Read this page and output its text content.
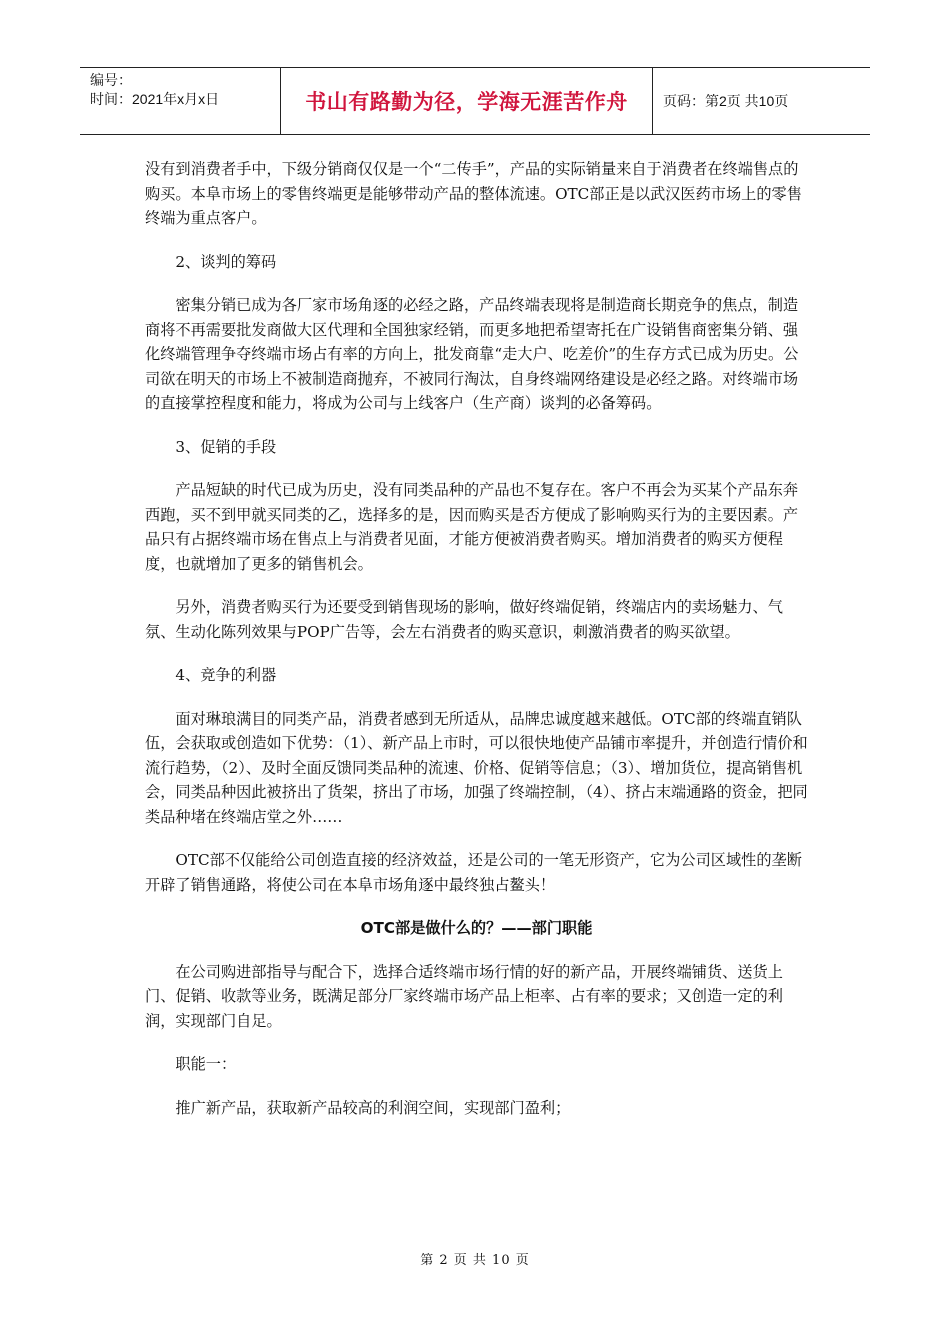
编号：
时间：2021年x月x日	书山有路勤为径，学海无涯苦作舟	页码：第2页 共10页

没有到消费者手中，下级分销商仅仅是一个“二传手”，产品的实际销量来自于消费者在终端售点的购买。本阜市场上的零售终端更是能够带动产品的整体流速。OTC部正是以武汉医药市场上的零售终端为重点客户。

2、谈判的筹码

密集分销已成为各厂家市场角逐的必经之路，产品终端表现将是制造商长期竞争的焦点，制造商将不再需要批发商做大区代理和全国独家经销，而更多地把希望寄托在广设销售商密集分销、强化终端管理争夺终端市场占有率的方向上，批发商靠“走大户、吃差价”的生存方式已成为历史。公司欲在明天的市场上不被制造商抛弃，不被同行淘汰，自身终端网络建设是必经之路。对终端市场的直接掌控程度和能力，将成为公司与上线客户（生产商）谈判的必备筹码。

3、促销的手段

产品短缺的时代已成为历史，没有同类品种的产品也不复存在。客户不再会为买某个产品东奔西跑，买不到甲就买同类的乙，选择多的是，因而购买是否方便成了影响购买行为的主要因素。产品只有占据终端市场在售点上与消费者见面，才能方便被消费者购买。增加消费者的购买方便程度，也就增加了更多的销售机会。

另外，消费者购买行为还要受到销售现场的影响，做好终端促销，终端店内的卖场魅力、气氛、生动化陈列效果与POP广告等，会左右消费者的购买意识，刺激消费者的购买欲望。

4、竞争的利器

面对琳琅满目的同类产品，消费者感到无所适从，品牌忠诚度越来越低。OTC部的终端直销队伍，会获取或创造如下优势：（1）、新产品上市时，可以很快地使产品铺市率提升，并创造行情价和流行趋势，（2）、及时全面反馈同类品种的流速、价格、促销等信息；（3）、增加货位，提高销售机会，同类品种因此被挤出了货架，挤出了市场，加强了终端控制，（4）、挤占末端通路的资金，把同类品种堵在终端店堂之外……

OTC部不仅能给公司创造直接的经济效益，还是公司的一笔无形资产，它为公司区域性的垄断开辟了销售通路，将使公司在本阜市场角逐中最终独占鳌头！

OTC部是做什么的？——部门职能

在公司购进部指导与配合下，选择合适终端市场行情的好的新产品，开展终端铺货、送货上门、促销、收款等业务，既满足部分厂家终端市场产品上柜率、占有率的要求；又创造一定的利润，实现部门自足。

职能一：

推广新产品，获取新产品较高的利润空间，实现部门盈利；

第 2 页 共 10 页
